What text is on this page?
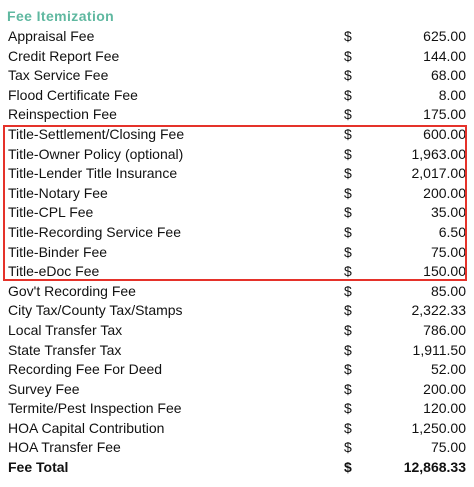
Fee Itemization
Appraisal Fee	$	625.00
Credit Report Fee	$	144.00
Tax Service Fee	$	68.00
Flood Certificate Fee	$	8.00
Reinspection Fee	$	175.00
Title-Settlement/Closing Fee	$	600.00
Title-Owner Policy (optional)	$	1,963.00
Title-Lender Title Insurance	$	2,017.00
Title-Notary Fee	$	200.00
Title-CPL Fee	$	35.00
Title-Recording Service Fee	$	6.50
Title-Binder Fee	$	75.00
Title-eDoc Fee	$	150.00
Gov't Recording Fee	$	85.00
City Tax/County Tax/Stamps	$	2,322.33
Local Transfer Tax	$	786.00
State Transfer Tax	$	1,911.50
Recording Fee For Deed	$	52.00
Survey Fee	$	200.00
Termite/Pest Inspection Fee	$	120.00
HOA Capital Contribution	$	1,250.00
HOA Transfer Fee	$	75.00
Fee Total	$	12,868.33
